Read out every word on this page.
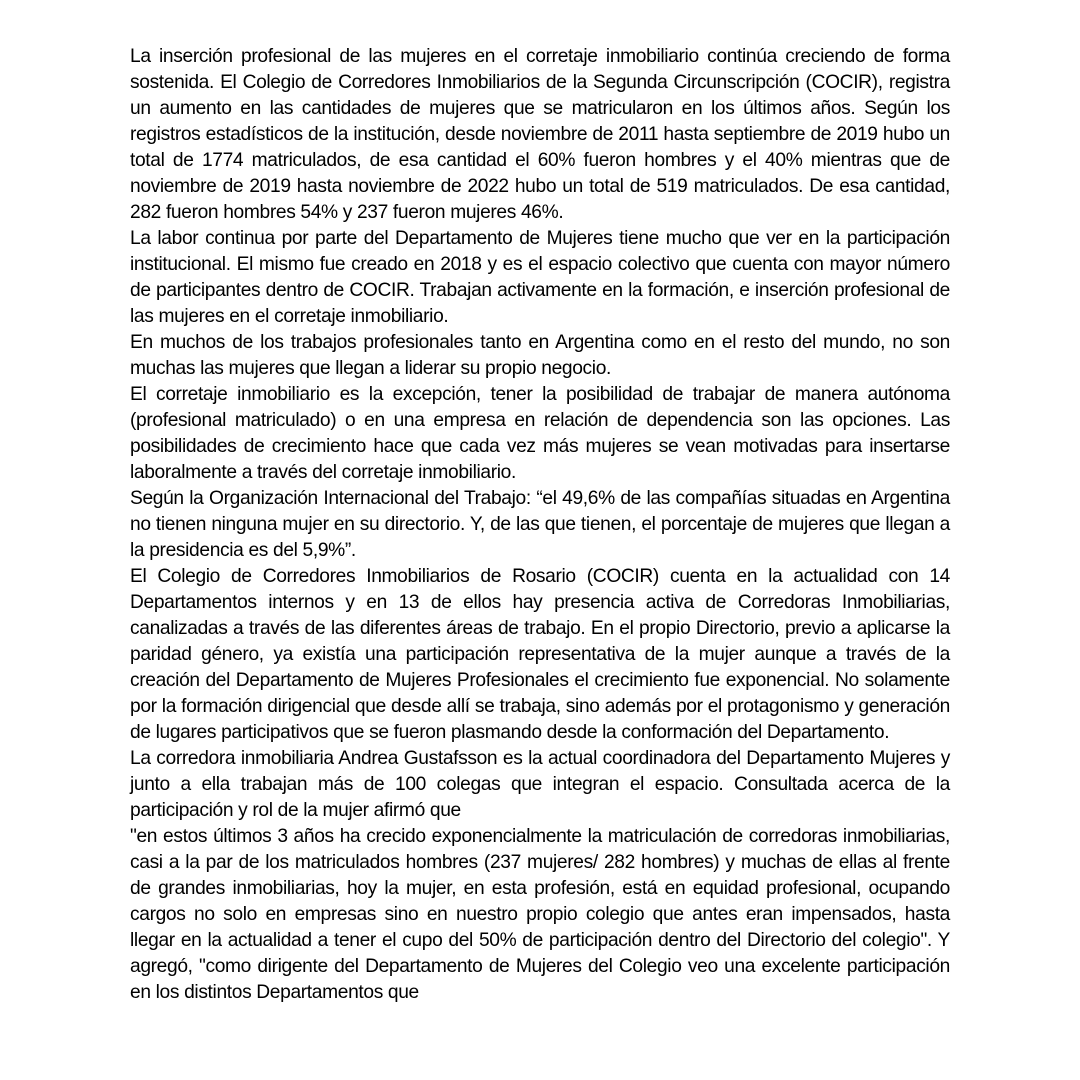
La inserción profesional de las mujeres en el corretaje inmobiliario continúa creciendo de forma sostenida. El Colegio de Corredores Inmobiliarios de la Segunda Circunscripción (COCIR), registra un aumento en las cantidades de mujeres que se matricularon en los últimos años. Según los registros estadísticos de la institución, desde noviembre de 2011 hasta septiembre de 2019 hubo un total de 1774 matriculados, de esa cantidad el 60% fueron hombres y el 40% mientras que de noviembre de 2019 hasta noviembre de 2022 hubo un total de 519 matriculados. De esa cantidad, 282 fueron hombres 54% y 237 fueron mujeres 46%.

La labor continua por parte del Departamento de Mujeres tiene mucho que ver en la participación institucional. El mismo fue creado en 2018 y es el espacio colectivo que cuenta con mayor número de participantes dentro de COCIR. Trabajan activamente en la formación, e inserción profesional de las mujeres en el corretaje inmobiliario.

En muchos de los trabajos profesionales tanto en Argentina como en el resto del mundo, no son muchas las mujeres que llegan a liderar su propio negocio.

El corretaje inmobiliario es la excepción, tener la posibilidad de trabajar de manera autónoma (profesional matriculado) o en una empresa en relación de dependencia son las opciones. Las posibilidades de crecimiento hace que cada vez más mujeres se vean motivadas para insertarse laboralmente a través del corretaje inmobiliario.

Según la Organización Internacional del Trabajo: “el 49,6% de las compañías situadas en Argentina no tienen ninguna mujer en su directorio. Y, de las que tienen, el porcentaje de mujeres que llegan a la presidencia es del 5,9%”.

El Colegio de Corredores Inmobiliarios de Rosario (COCIR) cuenta en la actualidad con 14 Departamentos internos y en 13 de ellos hay presencia activa de Corredoras Inmobiliarias, canalizadas a través de las diferentes áreas de trabajo. En el propio Directorio, previo a aplicarse la paridad género, ya existía una participación representativa de la mujer aunque a través de la creación del Departamento de Mujeres Profesionales el crecimiento fue exponencial. No solamente por la formación dirigencial que desde allí se trabaja, sino además por el protagonismo y generación de lugares participativos que se fueron plasmando desde la conformación del Departamento.

La corredora inmobiliaria Andrea Gustafsson es la actual coordinadora del Departamento Mujeres y junto a ella trabajan más de 100 colegas que integran el espacio. Consultada acerca de la participación y rol de la mujer afirmó que

"en estos últimos 3 años ha crecido exponencialmente la matriculación de corredoras inmobiliarias, casi a la par de los matriculados hombres (237 mujeres/ 282 hombres) y muchas de ellas al frente de grandes inmobiliarias, hoy la mujer, en esta profesión, está en equidad profesional, ocupando cargos no solo en empresas sino en nuestro propio colegio que antes eran impensados, hasta llegar en la actualidad a tener el cupo del 50% de participación dentro del Directorio del colegio". Y agregó, "como dirigente del Departamento de Mujeres del Colegio veo una excelente participación en los distintos Departamentos que
